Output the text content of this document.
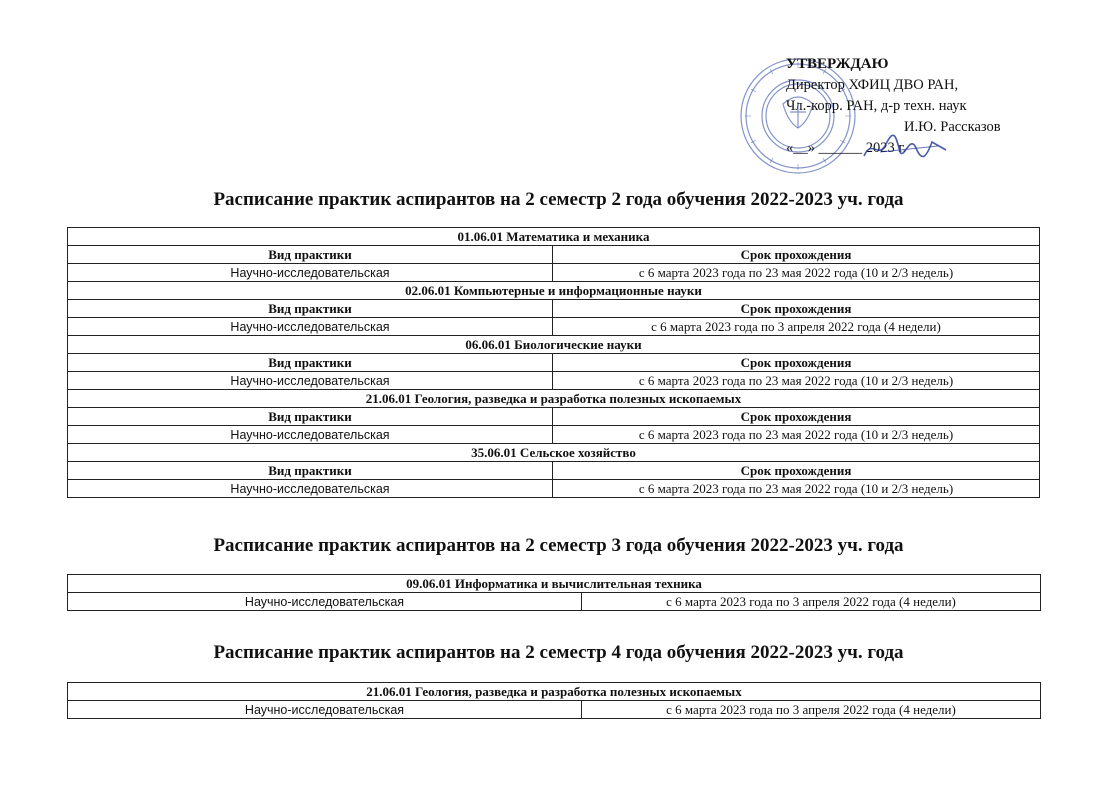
УТВЕРЖДАЮ
Директор ХФИЦ ДВО РАН,
Чл.-корр. РАН, д-р техн. наук
И.Ю. Рассказов
«__» ______ 2023 г.
Расписание практик аспирантов на 2 семестр 2 года обучения 2022-2023 уч. года
01.06.01 Математика и механика	
Вид практики	Срок прохождения
Научно-исследовательская	с 6 марта 2023 года по 23 мая 2022 года (10 и 2/3 недель)
02.06.01 Компьютерные и информационные науки	
Вид практики	Срок прохождения
Научно-исследовательская	с 6 марта 2023 года по 3 апреля 2022 года (4 недели)
06.06.01 Биологические науки	
Вид практики	Срок прохождения
Научно-исследовательская	с 6 марта 2023 года по 23 мая 2022 года (10 и 2/3 недель)
21.06.01 Геология, разведка и разработка полезных ископаемых	
Вид практики	Срок прохождения
Научно-исследовательская	с 6 марта 2023 года по 23 мая 2022 года (10 и 2/3 недель)
35.06.01 Сельское хозяйство	
Вид практики	Срок прохождения
Научно-исследовательская	с 6 марта 2023 года по 23 мая 2022 года (10 и 2/3 недель)
Расписание практик аспирантов на 2 семестр 3 года обучения 2022-2023 уч. года
09.06.01 Информатика и вычислительная техника
Научно-исследовательская	с 6 марта 2023 года по 3 апреля 2022 года (4 недели)
Расписание практик аспирантов на 2 семестр 4 года обучения 2022-2023 уч. года
21.06.01 Геология, разведка и разработка полезных ископаемых
Научно-исследовательская	с 6 марта 2023 года по 3 апреля 2022 года (4 недели)
